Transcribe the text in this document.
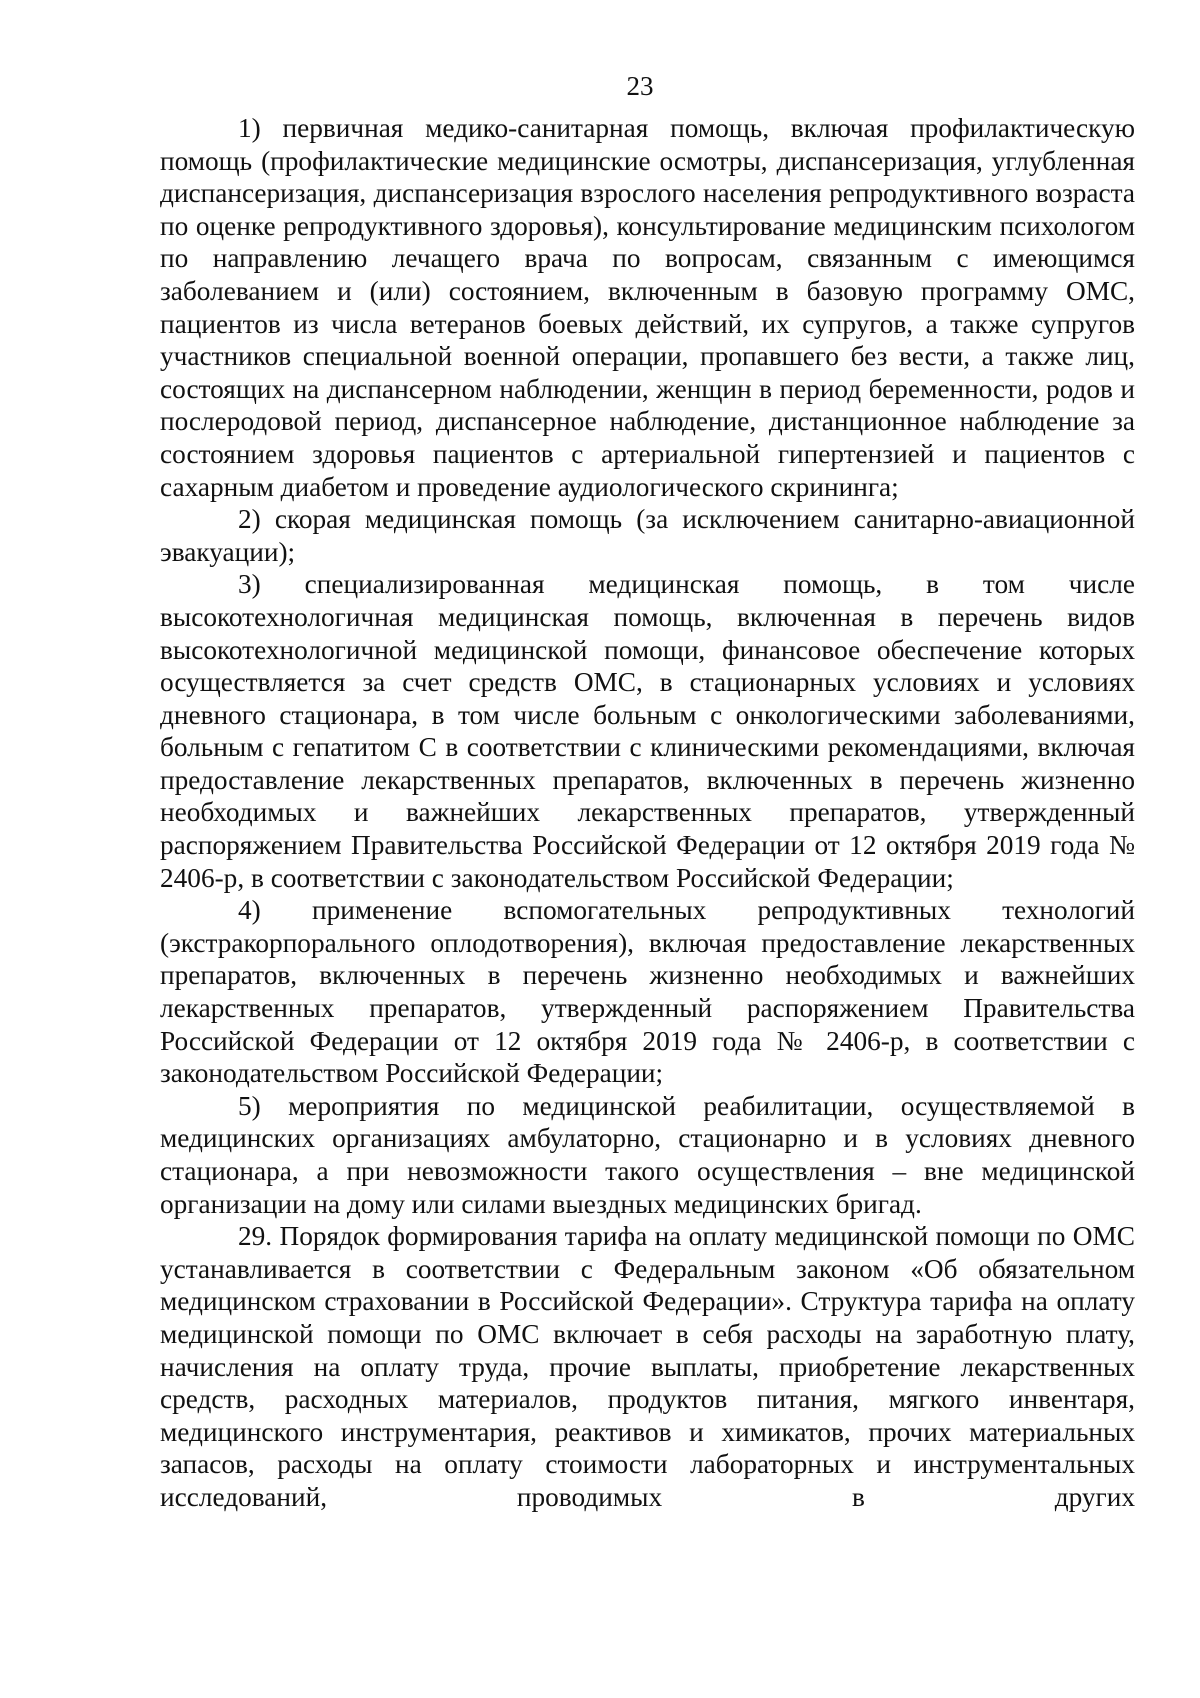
23

1) первичная медико-санитарная помощь, включая профилактическую помощь (профилактические медицинские осмотры, диспансеризация, углубленная диспансеризация, диспансеризация взрослого населения репродуктивного возраста по оценке репродуктивного здоровья), консультирование медицинским психологом по направлению лечащего врача по вопросам, связанным с имеющимся заболеванием и (или) состоянием, включенным в базовую программу ОМС, пациентов из числа ветеранов боевых действий, их супругов, а также супругов участников специальной военной операции, пропавшего без вести, а также лиц, состоящих на диспансерном наблюдении, женщин в период беременности, родов и послеродовой период, диспансерное наблюдение, дистанционное наблюдение за состоянием здоровья пациентов с артериальной гипертензией и пациентов с сахарным диабетом и проведение аудиологического скрининга;

2) скорая медицинская помощь (за исключением санитарно-авиационной эвакуации);

3) специализированная медицинская помощь, в том числе высокотехнологичная медицинская помощь, включенная в перечень видов высокотехнологичной медицинской помощи, финансовое обеспечение которых осуществляется за счет средств ОМС, в стационарных условиях и условиях дневного стационара, в том числе больным с онкологическими заболеваниями, больным с гепатитом С в соответствии с клиническими рекомендациями, включая предоставление лекарственных препаратов, включенных в перечень жизненно необходимых и важнейших лекарственных препаратов, утвержденный распоряжением Правительства Российской Федерации от 12 октября 2019 года № 2406-р, в соответствии с законодательством Российской Федерации;

4) применение вспомогательных репродуктивных технологий (экстракорпорального оплодотворения), включая предоставление лекарственных препаратов, включенных в перечень жизненно необходимых и важнейших лекарственных препаратов, утвержденный распоряжением Правительства Российской Федерации от 12 октября 2019 года № 2406-р, в соответствии с законодательством Российской Федерации;

5) мероприятия по медицинской реабилитации, осуществляемой в медицинских организациях амбулаторно, стационарно и в условиях дневного стационара, а при невозможности такого осуществления – вне медицинской организации на дому или силами выездных медицинских бригад.

29. Порядок формирования тарифа на оплату медицинской помощи по ОМС устанавливается в соответствии с Федеральным законом «Об обязательном медицинском страховании в Российской Федерации». Структура тарифа на оплату медицинской помощи по ОМС включает в себя расходы на заработную плату, начисления на оплату труда, прочие выплаты, приобретение лекарственных средств, расходных материалов, продуктов питания, мягкого инвентаря, медицинского инструментария, реактивов и химикатов, прочих материальных запасов, расходы на оплату стоимости лабораторных и инструментальных исследований, проводимых в других
